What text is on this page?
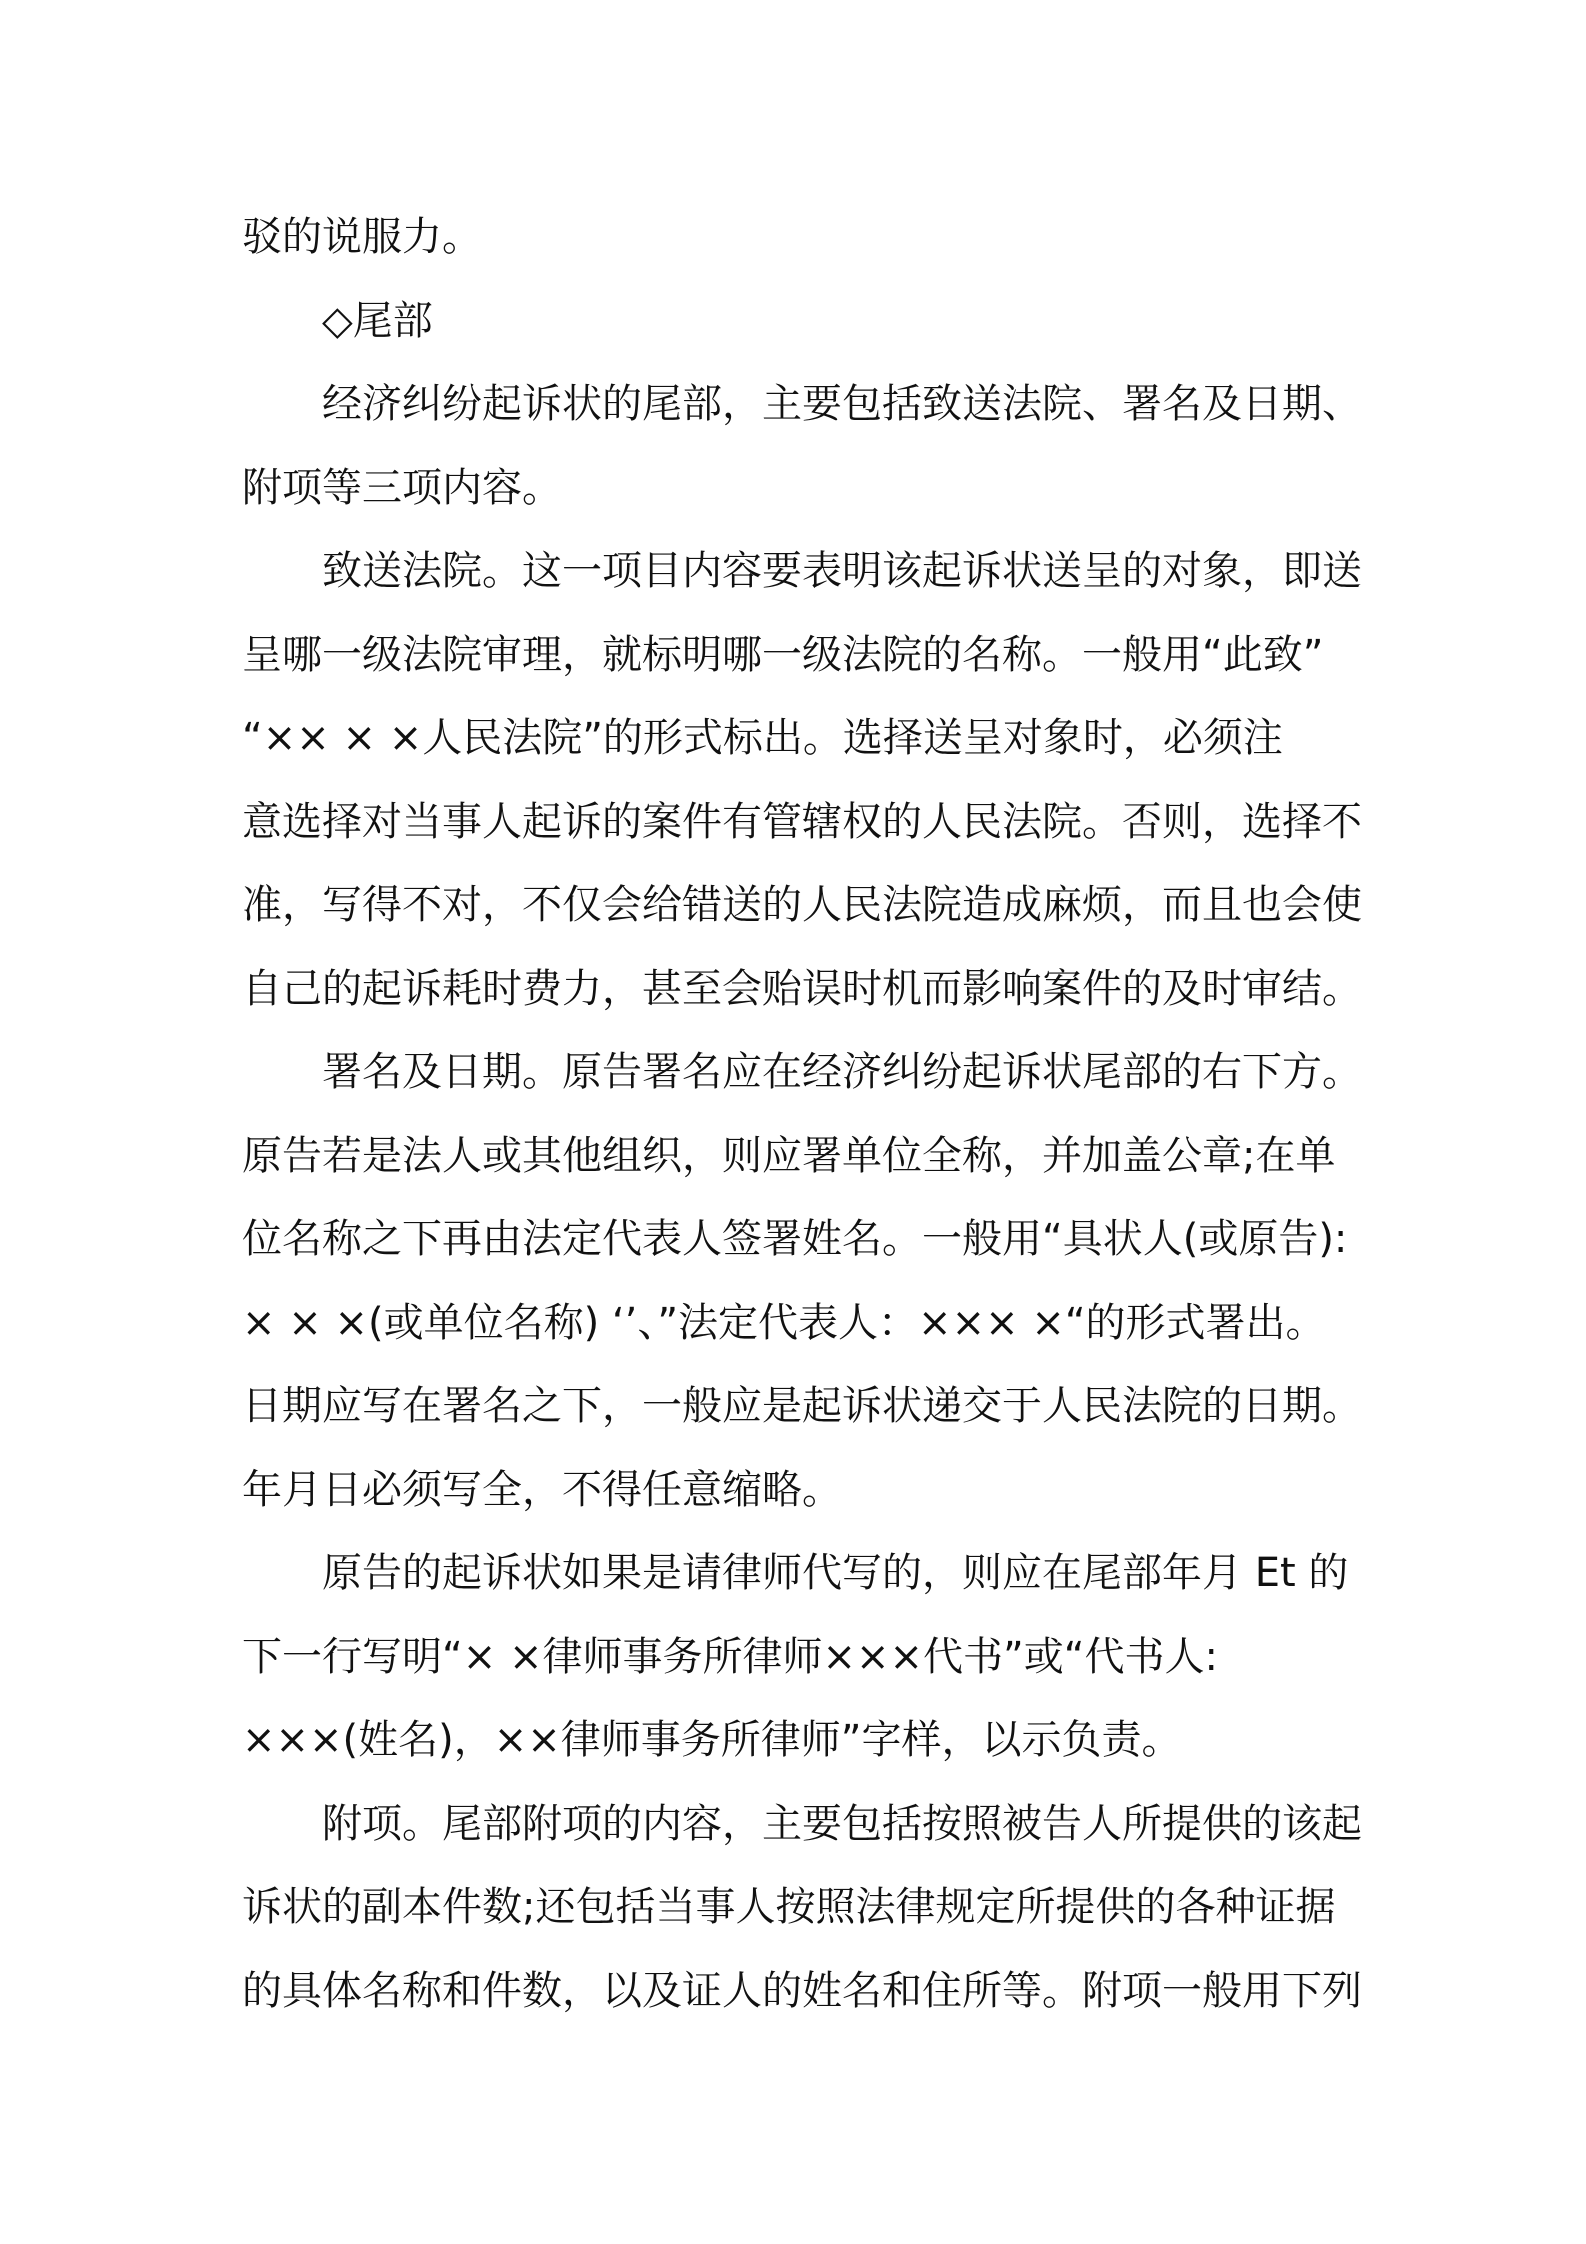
驳的说服力。
◇尾部
经济纠纷起诉状的尾部，主要包括致送法院、署名及日期、
附项等三项内容。
致送法院。这一项目内容要表明该起诉状送呈的对象，即送
呈哪一级法院审理，就标明哪一级法院的名称。一般用“此致”
“×× × ×人民法院”的形式标出。选择送呈对象时，必须注
意选择对当事人起诉的案件有管辖权的人民法院。否则，选择不
准，写得不对，不仅会给错送的人民法院造成麻烦，而且也会使
自己的起诉耗时费力，甚至会贻误时机而影响案件的及时审结。
署名及日期。原告署名应在经济纠纷起诉状尾部的右下方。
原告若是法人或其他组织，则应署单位全称，并加盖公章;在单
位名称之下再由法定代表人签署姓名。一般用“具状人(或原告):
× × ×(或单位名称) ‘’、”法定代表人：××× ×“的形式署出。
日期应写在署名之下，一般应是起诉状递交于人民法院的日期。
年月日必须写全，不得任意缩略。
原告的起诉状如果是请律师代写的，则应在尾部年月 Et 的
下一行写明“× ×律师事务所律师×××代书”或“代书人:
×××(姓名)，××律师事务所律师”字样，以示负责。
附项。尾部附项的内容，主要包括按照被告人所提供的该起
诉状的副本件数;还包括当事人按照法律规定所提供的各种证据
的具体名称和件数，以及证人的姓名和住所等。附项一般用下列
